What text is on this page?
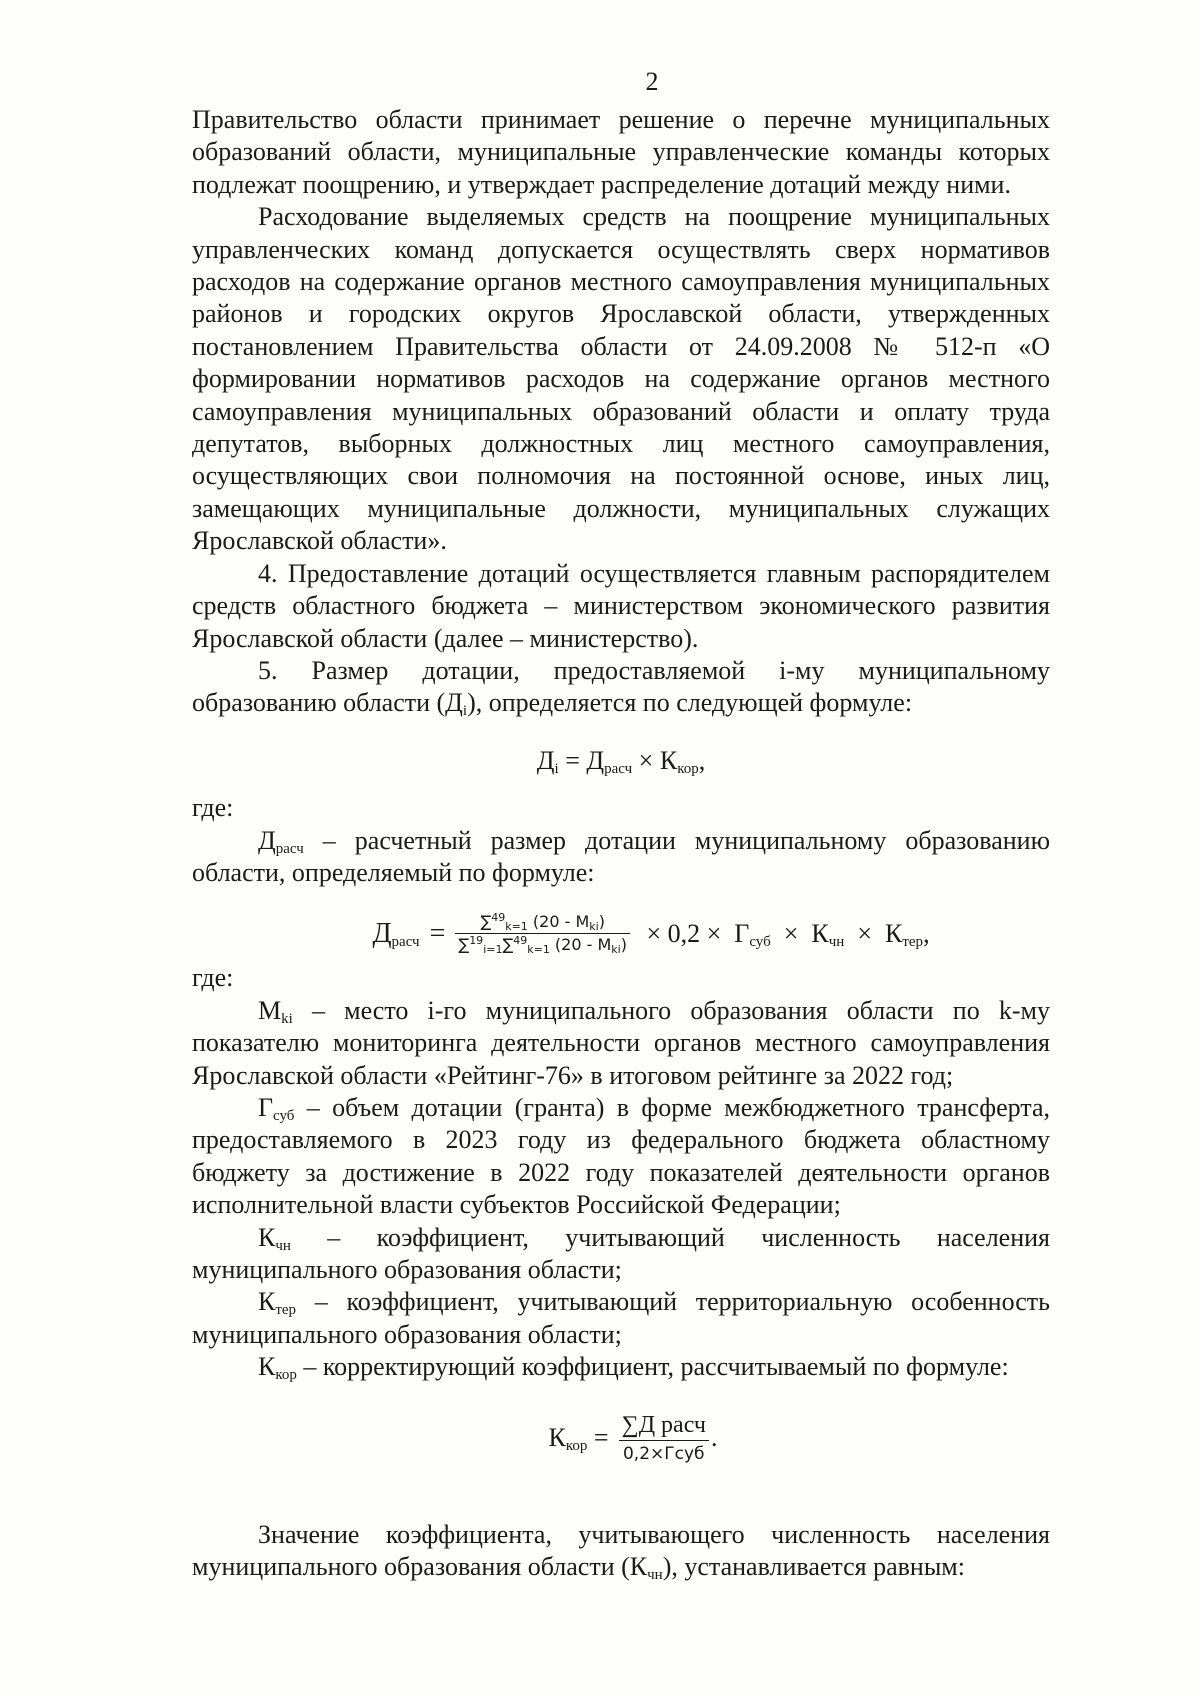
2

Правительство области принимает решение о перечне муниципальных образований области, муниципальные управленческие команды которых подлежат поощрению, и утверждает распределение дотаций между ними.

Расходование выделяемых средств на поощрение муниципальных управленческих команд допускается осуществлять сверх нормативов расходов на содержание органов местного самоуправления муниципальных районов и городских округов Ярославской области, утвержденных постановлением Правительства области от 24.09.2008 № 512-п «О формировании нормативов расходов на содержание органов местного самоуправления муниципальных образований области и оплату труда депутатов, выборных должностных лиц местного самоуправления, осуществляющих свои полномочия на постоянной основе, иных лиц, замещающих муниципальные должности, муниципальных служащих Ярославской области».

4. Предоставление дотаций осуществляется главным распорядителем средств областного бюджета – министерством экономического развития Ярославской области (далее – министерство).

5. Размер дотации, предоставляемой i-му муниципальному образованию области $(Д_i)$, определяется по следующей формуле:

$Д_i = Д_{расч} \times К_{кор}$,

где:

$Д_{расч}$ – расчетный размер дотации муниципальному образованию области, определяемый по формуле:

$Д_{расч} = \frac{\sum^{49}_{k=1} (20 - M_{ki})}{\sum^{19}_{i=1}\sum^{49}_{k=1} (20 - M_{ki})} \times 0,2 \times Г_{суб} \times К_{чн} \times К_{тер}$,

где:

$М_{ki}$ – место i-го муниципального образования области по k-му показателю мониторинга деятельности органов местного самоуправления Ярославской области «Рейтинг-76» в итоговом рейтинге за 2022 год;

$Г_{суб}$ – объем дотации (гранта) в форме межбюджетного трансферта, предоставляемого в 2023 году из федерального бюджета областному бюджету за достижение в 2022 году показателей деятельности органов исполнительной власти субъектов Российской Федерации;

$К_{чн}$ – коэффициент, учитывающий численность населения муниципального образования области;

$К_{тер}$ – коэффициент, учитывающий территориальную особенность муниципального образования области;

$К_{кор}$ – корректирующий коэффициент, рассчитываемый по формуле:

$К_{кор} = \frac{\text{∑Д расч}}{\text{0,2×Гсуб}}$ .

Значение коэффициента, учитывающего численность населения муниципального образования области $(К_{чн})$, устанавливается равным:
